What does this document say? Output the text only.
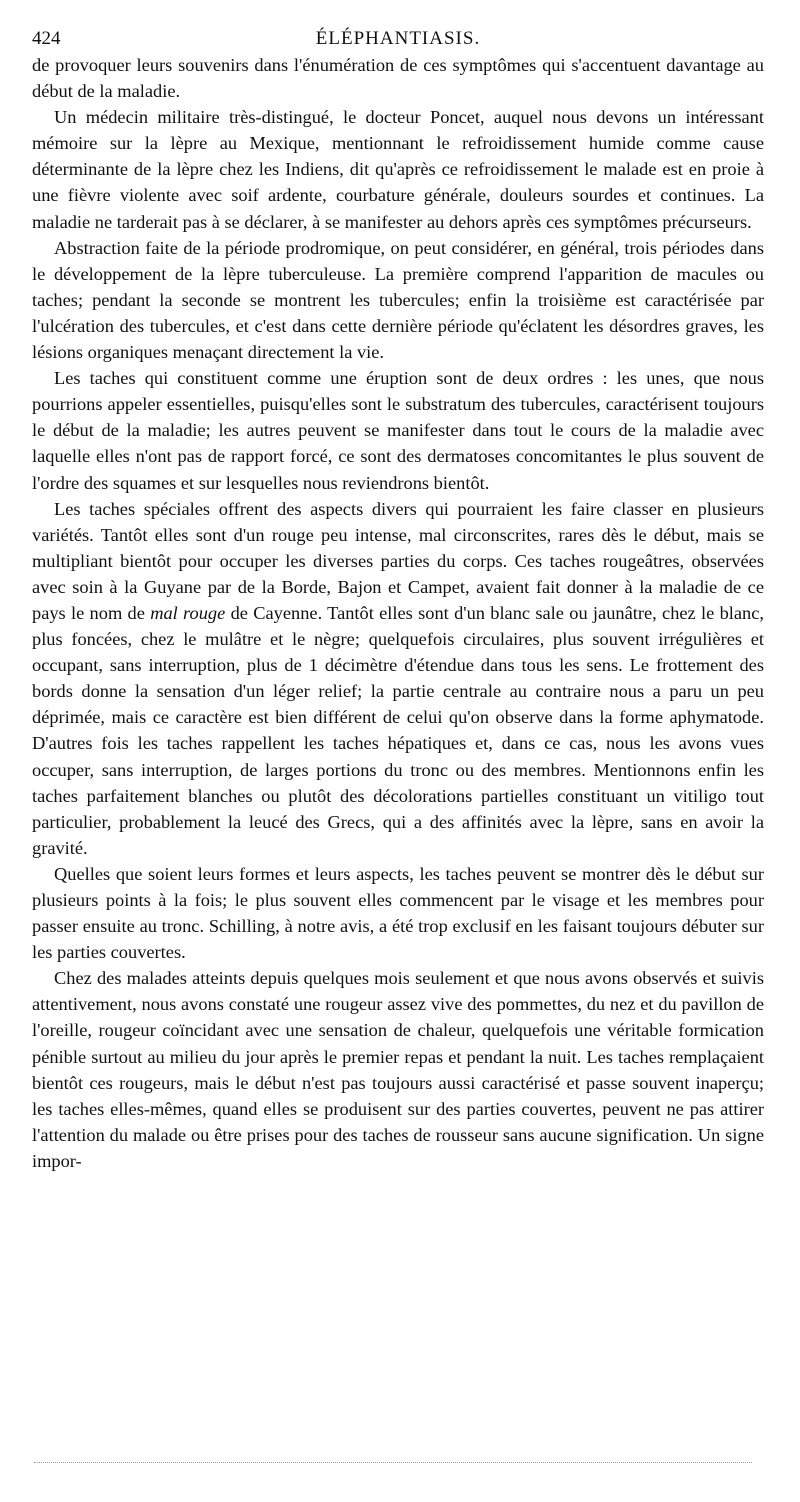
424	ÉLÉPHANTIASIS.

de provoquer leurs souvenirs dans l'énumération de ces symptômes qui s'accentuent davantage au début de la maladie.

Un médecin militaire très-distingué, le docteur Poncet, auquel nous devons un intéressant mémoire sur la lèpre au Mexique, mentionnant le refroidissement humide comme cause déterminante de la lèpre chez les Indiens, dit qu'après ce refroidissement le malade est en proie à une fièvre violente avec soif ardente, courbature générale, douleurs sourdes et continues. La maladie ne tarderait pas à se déclarer, à se manifester au dehors après ces symptômes précurseurs.

Abstraction faite de la période prodromique, on peut considérer, en général, trois périodes dans le développement de la lèpre tuberculeuse. La première comprend l'apparition de macules ou taches; pendant la seconde se montrent les tubercules; enfin la troisième est caractérisée par l'ulcération des tubercules, et c'est dans cette dernière période qu'éclatent les désordres graves, les lésions organiques menaçant directement la vie.

Les taches qui constituent comme une éruption sont de deux ordres : les unes, que nous pourrions appeler essentielles, puisqu'elles sont le substratum des tubercules, caractérisent toujours le début de la maladie; les autres peuvent se manifester dans tout le cours de la maladie avec laquelle elles n'ont pas de rapport forcé, ce sont des dermatoses concomitantes le plus souvent de l'ordre des squames et sur lesquelles nous reviendrons bientôt.

Les taches spéciales offrent des aspects divers qui pourraient les faire classer en plusieurs variétés. Tantôt elles sont d'un rouge peu intense, mal circonscrites, rares dès le début, mais se multipliant bientôt pour occuper les diverses parties du corps. Ces taches rougeâtres, observées avec soin à la Guyane par de la Borde, Bajon et Campet, avaient fait donner à la maladie de ce pays le nom de mal rouge de Cayenne. Tantôt elles sont d'un blanc sale ou jaunâtre, chez le blanc, plus foncées, chez le mulâtre et le nègre; quelquefois circulaires, plus souvent irrégulières et occupant, sans interruption, plus de 1 décimètre d'étendue dans tous les sens. Le frottement des bords donne la sensation d'un léger relief; la partie centrale au contraire nous a paru un peu déprimée, mais ce caractère est bien différent de celui qu'on observe dans la forme aphymatode. D'autres fois les taches rappellent les taches hépatiques et, dans ce cas, nous les avons vues occuper, sans interruption, de larges portions du tronc ou des membres. Mentionnons enfin les taches parfaitement blanches ou plutôt des décolorations partielles constituant un vitiligo tout particulier, probablement la leucé des Grecs, qui a des affinités avec la lèpre, sans en avoir la gravité.

Quelles que soient leurs formes et leurs aspects, les taches peuvent se montrer dès le début sur plusieurs points à la fois; le plus souvent elles commencent par le visage et les membres pour passer ensuite au tronc. Schilling, à notre avis, a été trop exclusif en les faisant toujours débuter sur les parties couvertes.

Chez des malades atteints depuis quelques mois seulement et que nous avons observés et suivis attentivement, nous avons constaté une rougeur assez vive des pommettes, du nez et du pavillon de l'oreille, rougeur coïncidant avec une sensation de chaleur, quelquefois une véritable formication pénible surtout au milieu du jour après le premier repas et pendant la nuit. Les taches remplaçaient bientôt ces rougeurs, mais le début n'est pas toujours aussi caractérisé et passe souvent inaperçu; les taches elles-mêmes, quand elles se produisent sur des parties couvertes, peuvent ne pas attirer l'attention du malade ou être prises pour des taches de rousseur sans aucune signification. Un signe impor-
